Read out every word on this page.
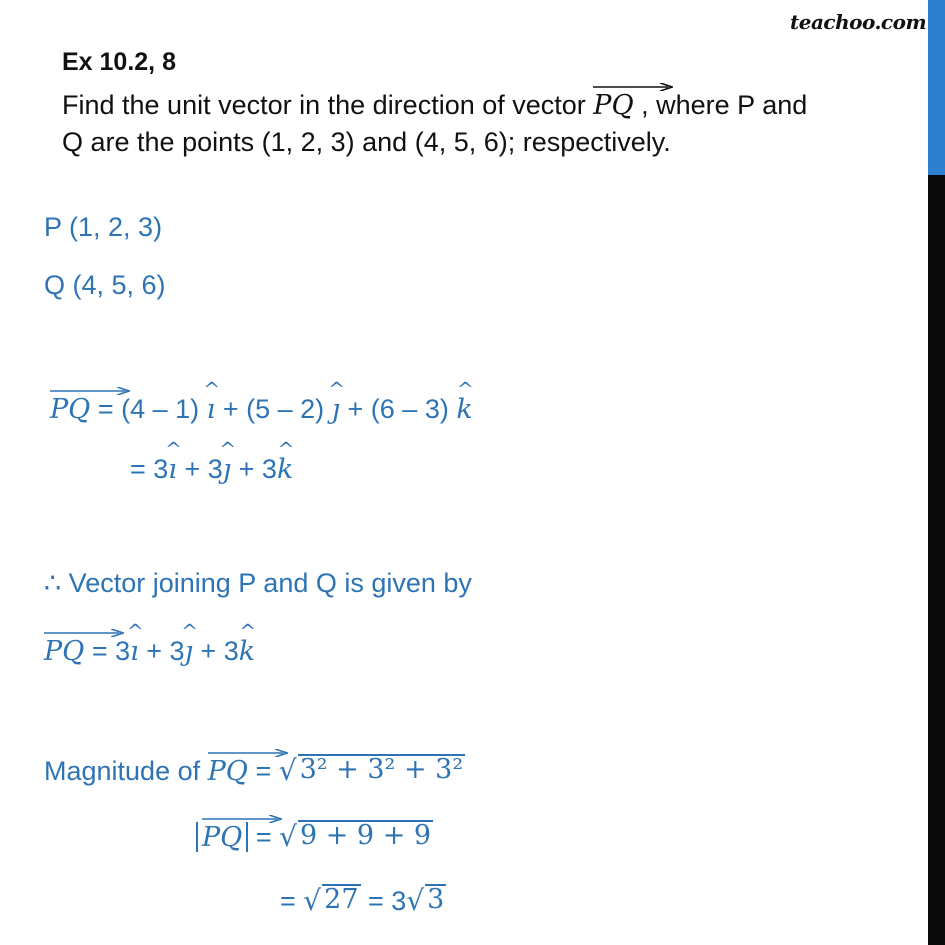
teachoo.com
Ex 10.2, 8
Find the unit vector in the direction of vector PQ , where P and
Q are the points (1, 2, 3) and (4, 5, 6); respectively.
P (1, 2, 3)
Q (4, 5, 6)
PQ = (4 – 1) ı ^ + (5 – 2) ȷ ^ + (6 – 3) k ^
= 3ı ^ + 3ȷ ^ + 3k ^
∴ Vector joining P and Q is given by
PQ = 3ı ^ + 3ȷ ^ + 3k ^
Magnitude of PQ = √ 3² + 3² + 3²
PQ = √ 9 + 9 + 9
= √ 27 = 3 √ 3
